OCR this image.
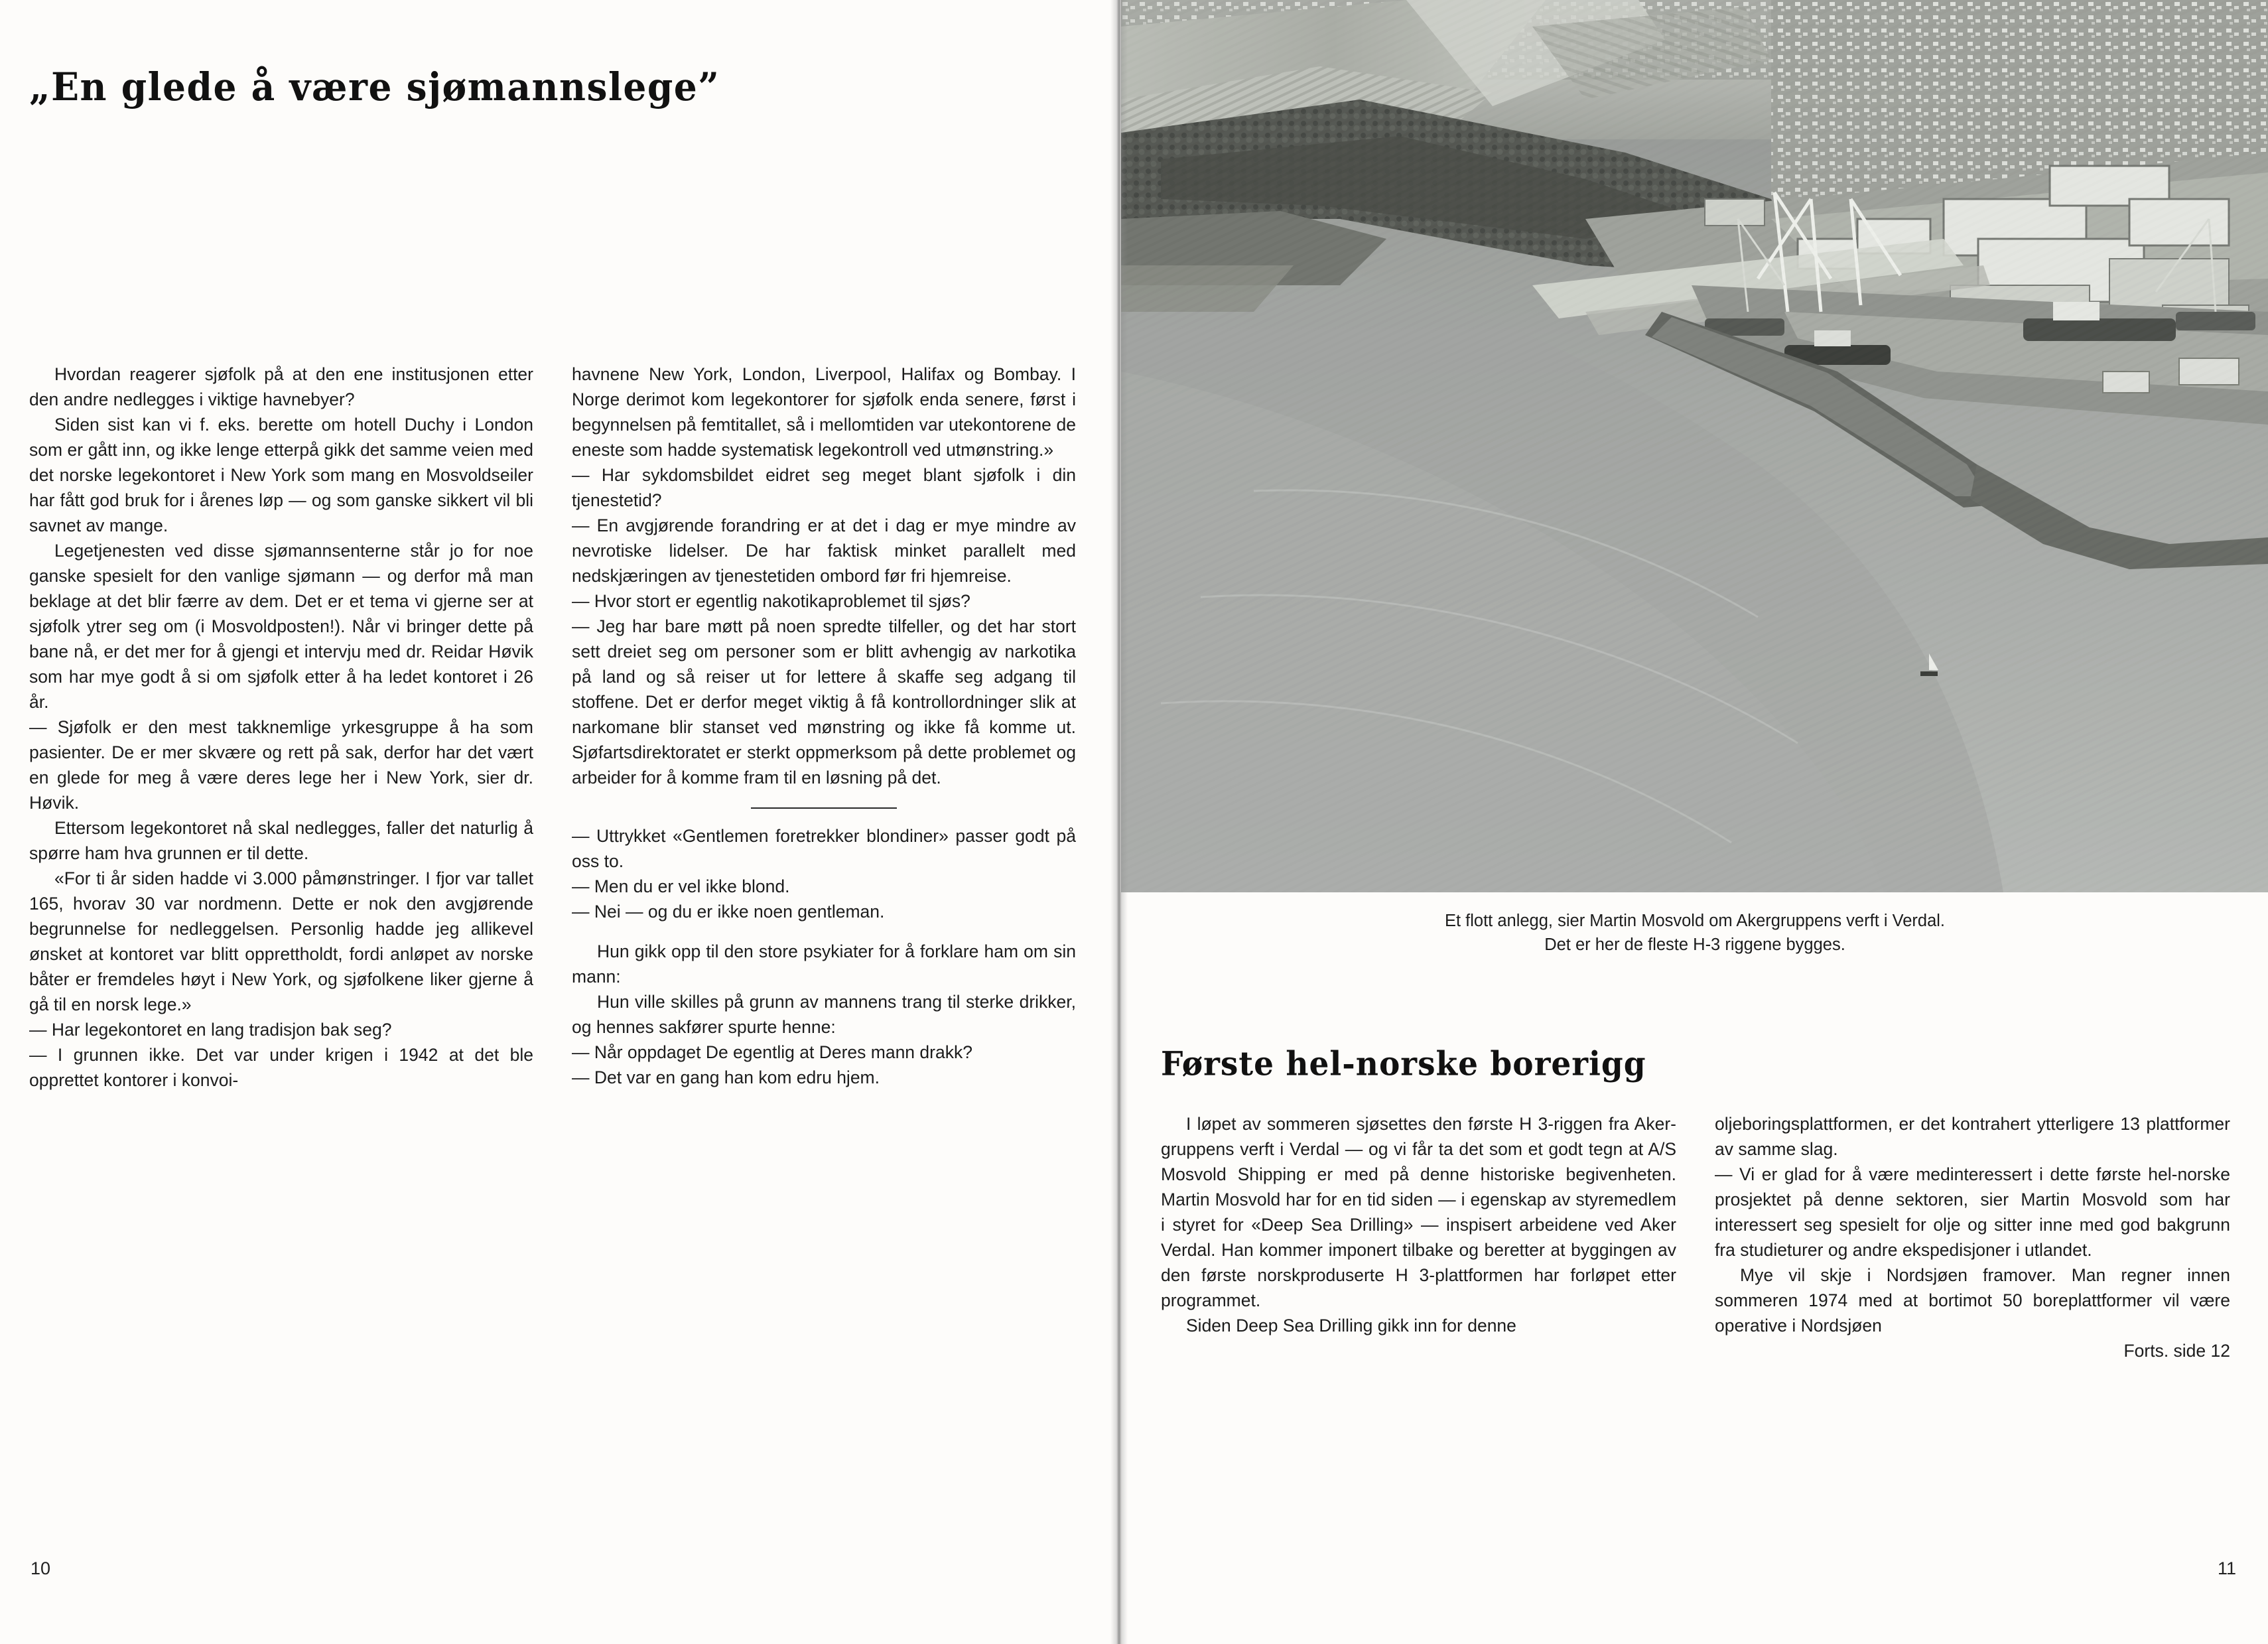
„En glede å være sjømannslege”

Hvordan reagerer sjøfolk på at den ene institusjonen etter den andre nedlegges i viktige havnebyer?

Siden sist kan vi f. eks. berette om hotell Duchy i London som er gått inn, og ikke lenge etterpå gikk det samme veien med det norske legekontoret i New York som mang en Mosvoldseiler har fått god bruk for i årenes løp — og som ganske sikkert vil bli savnet av mange.

Legetjenesten ved disse sjømannsenterne står jo for noe ganske spesielt for den vanlige sjømann — og derfor må man beklage at det blir færre av dem. Det er et tema vi gjerne ser at sjøfolk ytrer seg om (i Mosvoldposten!). Når vi bringer dette på bane nå, er det mer for å gjengi et intervju med dr. Reidar Høvik som har mye godt å si om sjøfolk etter å ha ledet kontoret i 26 år.

— Sjøfolk er den mest takknemlige yrkesgruppe å ha som pasienter. De er mer skvære og rett på sak, derfor har det vært en glede for meg å være deres lege her i New York, sier dr. Høvik.

Ettersom legekontoret nå skal nedlegges, faller det naturlig å spørre ham hva grunnen er til dette.

«For ti år siden hadde vi 3.000 påmønstringer. I fjor var tallet 165, hvorav 30 var nordmenn. Dette er nok den avgjørende begrunnelse for nedleggelsen. Personlig hadde jeg allikevel ønsket at kontoret var blitt opprettholdt, fordi anløpet av norske båter er fremdeles høyt i New York, og sjøfolkene liker gjerne å gå til en norsk lege.»

— Har legekontoret en lang tradisjon bak seg?

— I grunnen ikke. Det var under krigen i 1942 at det ble opprettet kontorer i konvoi-

havnene New York, London, Liverpool, Halifax og Bombay. I Norge derimot kom legekontorer for sjøfolk enda senere, først i begynnelsen på femtitallet, så i mellomtiden var utekontorene de eneste som hadde systematisk legekontroll ved utmønstring.»

— Har sykdomsbildet eidret seg meget blant sjøfolk i din tjenestetid?

— En avgjørende forandring er at det i dag er mye mindre av nevrotiske lidelser. De har faktisk minket parallelt med nedskjæringen av tjenestetiden ombord før fri hjemreise.

— Hvor stort er egentlig nakotikaproblemet til sjøs?

— Jeg har bare møtt på noen spredte tilfeller, og det har stort sett dreiet seg om personer som er blitt avhengig av narkotika på land og så reiser ut for lettere å skaffe seg adgang til stoffene. Det er derfor meget viktig å få kontrollordninger slik at narkomane blir stanset ved mønstring og ikke få komme ut. Sjøfartsdirektoratet er sterkt oppmerksom på dette problemet og arbeider for å komme fram til en løsning på det.

— Uttrykket «Gentlemen foretrekker blondiner» passer godt på oss to.

— Men du er vel ikke blond.

— Nei — og du er ikke noen gentleman.

Hun gikk opp til den store psykiater for å forklare ham om sin mann:

Hun ville skilles på grunn av mannens trang til sterke drikker, og hennes sakfører spurte henne:

— Når oppdaget De egentlig at Deres mann drakk?

— Det var en gang han kom edru hjem.

10
Et flott anlegg, sier Martin Mosvold om Akergruppens verft i Verdal.
Det er her de fleste H-3 riggene bygges.
Første hel-norske borerigg

I løpet av sommeren sjøsettes den første H 3-riggen fra Aker-gruppens verft i Verdal — og vi får ta det som et godt tegn at A/S Mosvold Shipping er med på denne historiske begivenheten. Martin Mosvold har for en tid siden — i egenskap av styremedlem i styret for «Deep Sea Drilling» — inspisert arbeidene ved Aker Verdal. Han kommer imponert tilbake og beretter at byggingen av den første norskproduserte H 3-plattformen har forløpet etter programmet.

Siden Deep Sea Drilling gikk inn for denne

oljeboringsplattformen, er det kontrahert ytterligere 13 plattformer av samme slag.

— Vi er glad for å være medinteressert i dette første hel-norske prosjektet på denne sektoren, sier Martin Mosvold som har interessert seg spesielt for olje og sitter inne med god bakgrunn fra studieturer og andre ekspedisjoner i utlandet.

Mye vil skje i Nordsjøen framover. Man regner innen sommeren 1974 med at bortimot 50 boreplattformer vil være operative i Nordsjøen

Forts. side 12

11
